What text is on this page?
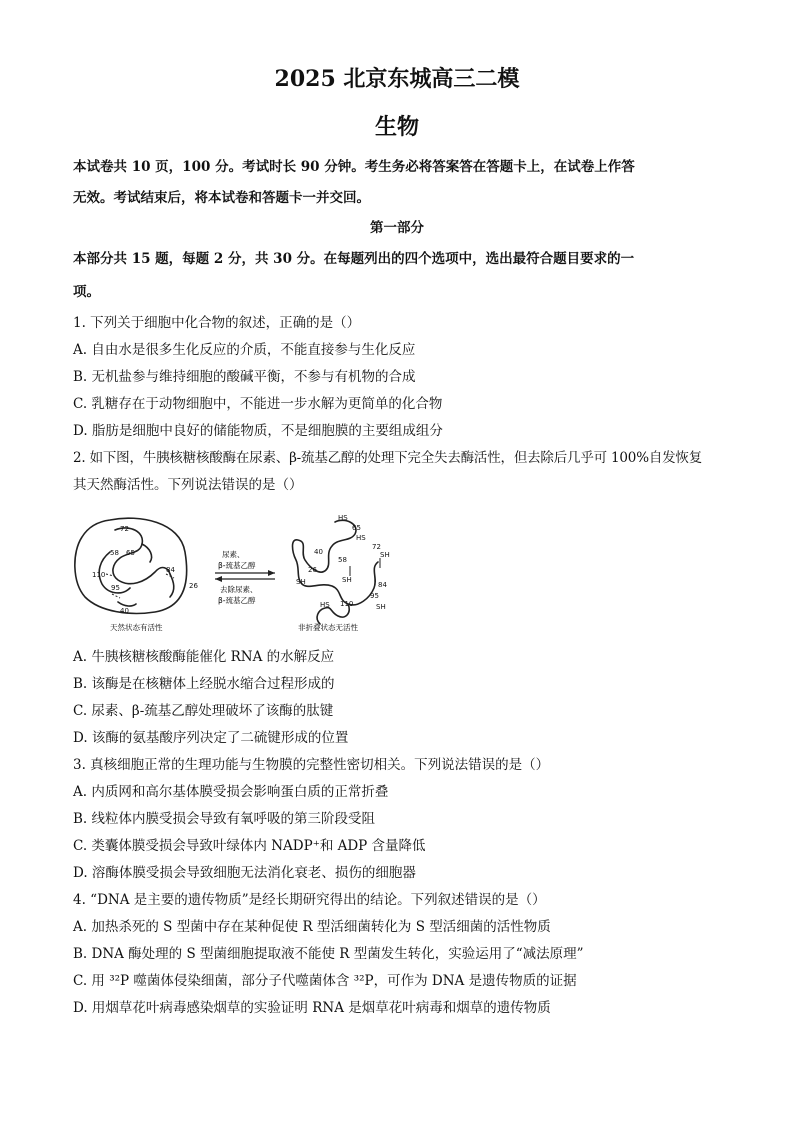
2025 北京东城高三二模
生物
本试卷共 10 页，100 分。考试时长 90 分钟。考生务必将答案答在答题卡上，在试卷上作答
无效。考试结束后，将本试卷和答题卡一并交回。
第一部分
本部分共 15 题，每题 2 分，共 30 分。在每题列出的四个选项中，选出最符合题目要求的一
项。
1. 下列关于细胞中化合物的叙述，正确的是（）
A. 自由水是很多生化反应的介质，不能直接参与生化反应
B. 无机盐参与维持细胞的酸碱平衡，不参与有机物的合成
C. 乳糖存在于动物细胞中，不能进一步水解为更简单的化合物
D. 脂肪是细胞中良好的储能物质，不是细胞膜的主要组成组分
2. 如下图，牛胰核糖核酸酶在尿素、β-巯基乙醇的处理下完全失去酶活性，但去除后几乎可 100%自发恢复
其天然酶活性。下列说法错误的是（）
72
65
58
110
95
84
26
40
天然状态有活性
尿素、
β-巯基乙醇
去除尿素、
β-巯基乙醇
HS
65
HS
72
40
58
26
SH	SH
SH
84
HS 110
95
SH
非折叠状态无活性
A. 牛胰核糖核酸酶能催化 RNA 的水解反应
B. 该酶是在核糖体上经脱水缩合过程形成的
C. 尿素、β-巯基乙醇处理破坏了该酶的肽键
D. 该酶的氨基酸序列决定了二硫键形成的位置
3. 真核细胞正常的生理功能与生物膜的完整性密切相关。下列说法错误的是（）
A. 内质网和高尔基体膜受损会影响蛋白质的正常折叠
B. 线粒体内膜受损会导致有氧呼吸的第三阶段受阻
C. 类囊体膜受损会导致叶绿体内 NADP⁺和 ADP 含量降低
D. 溶酶体膜受损会导致细胞无法消化衰老、损伤的细胞器
4. “DNA 是主要的遗传物质”是经长期研究得出的结论。下列叙述错误的是（）
A. 加热杀死的 S 型菌中存在某种促使 R 型活细菌转化为 S 型活细菌的活性物质
B. DNA 酶处理的 S 型菌细胞提取液不能使 R 型菌发生转化，实验运用了“减法原理”
C. 用 ³²P 噬菌体侵染细菌，部分子代噬菌体含 ³²P，可作为 DNA 是遗传物质的证据
D. 用烟草花叶病毒感染烟草的实验证明 RNA 是烟草花叶病毒和烟草的遗传物质
